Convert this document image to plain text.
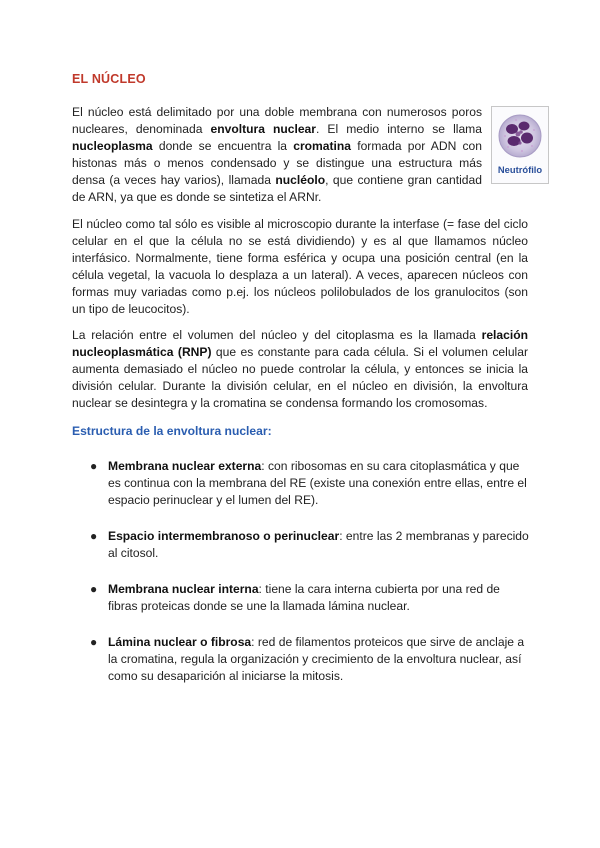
EL NÚCLEO

El núcleo está delimitado por una doble membrana con numerosos poros nucleares, denominada envoltura nuclear. El medio interno se llama nucleoplasma donde se encuentra la cromatina formada por ADN con histonas más o menos condensado y se distingue una estructura más densa (a veces hay varios), llamada nucléolo, que contiene gran cantidad de ARN, ya que es donde se sintetiza el ARNr.

Neutrófilo

El núcleo como tal sólo es visible al microscopio durante la interfase (= fase del ciclo celular en el que la célula no se está dividiendo) y es al que llamamos núcleo interfásico. Normalmente, tiene forma esférica y ocupa una posición central (en la célula vegetal, la vacuola lo desplaza a un lateral). A veces, aparecen núcleos con formas muy variadas como p.ej. los núcleos polilobulados de los granulocitos (son un tipo de leucocitos).

La relación entre el volumen del núcleo y del citoplasma es la llamada relación nucleoplasmática (RNP) que es constante para cada célula. Si el volumen celular aumenta demasiado el núcleo no puede controlar la célula, y entonces se inicia la división celular. Durante la división celular, en el núcleo en división, la envoltura nuclear se desintegra y la cromatina se condensa formando los cromosomas.

Estructura de la envoltura nuclear:
● Membrana nuclear externa: con ribosomas en su cara citoplasmática y que es continua con la membrana del RE (existe una conexión entre ellas, entre el espacio perinuclear y el lumen del RE).
● Espacio intermembranoso o perinuclear: entre las 2 membranas y parecido al citosol.
● Membrana nuclear interna: tiene la cara interna cubierta por una red de fibras proteicas donde se une la llamada lámina nuclear.
● Lámina nuclear o fibrosa: red de filamentos proteicos que sirve de anclaje a la cromatina, regula la organización y crecimiento de la envoltura nuclear, así como su desaparición al iniciarse la mitosis.
